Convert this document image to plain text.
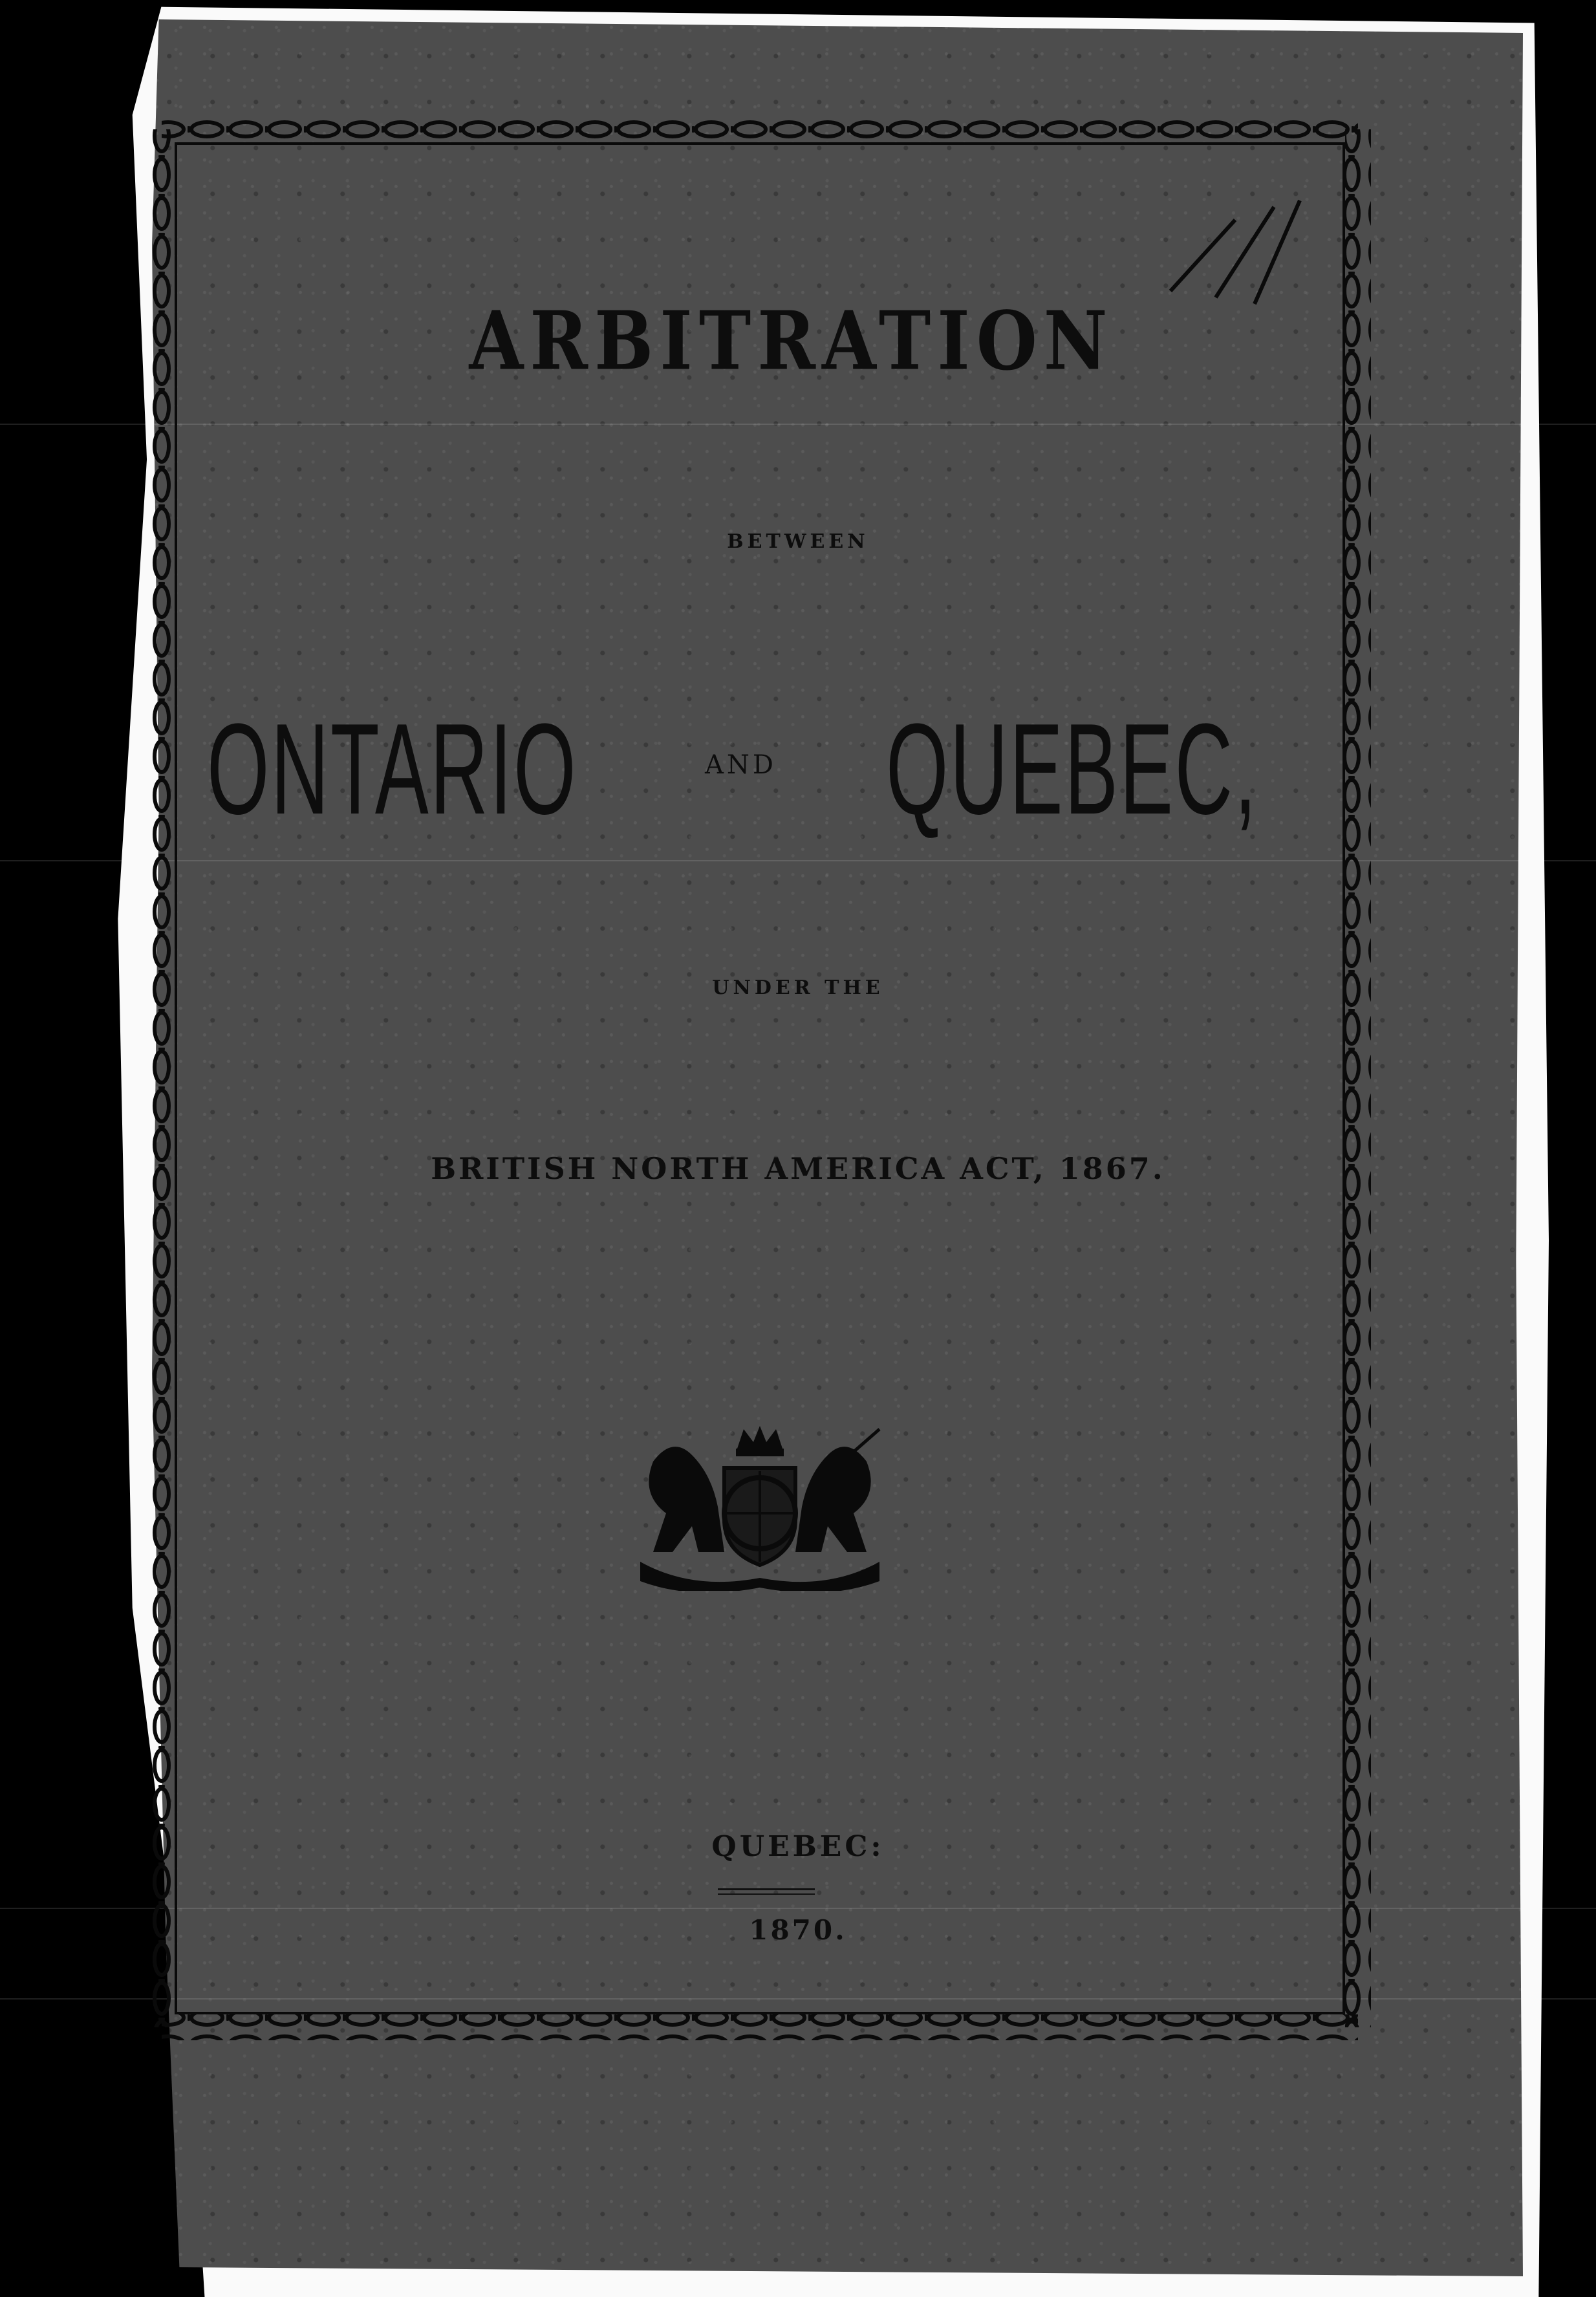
ARBITRATION

BETWEEN

ONTARIO	AND QUEBEC,

UNDER THE

BRITISH NORTH AMERICA ACT, 1867.

QUEBEC:

1870.
